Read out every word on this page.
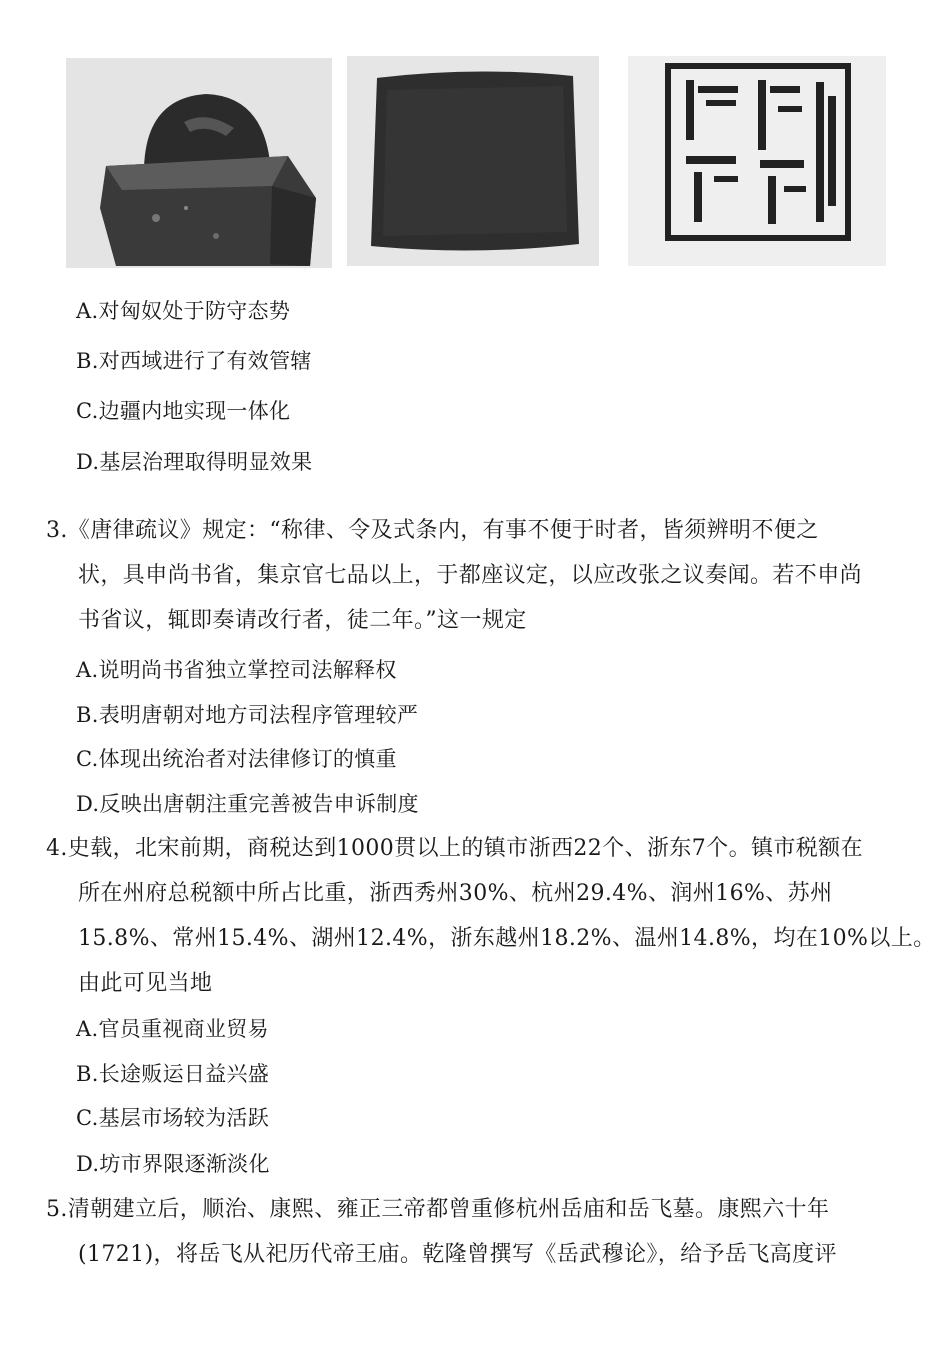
A.对匈奴处于防守态势
B.对西域进行了有效管辖
C.边疆内地实现一体化
D.基层治理取得明显效果
3.《唐律疏议》规定：“称律、令及式条内，有事不便于时者，皆须辨明不便之
状，具申尚书省，集京官七品以上，于都座议定，以应改张之议奏闻。若不申尚
书省议，辄即奏请改行者，徒二年。”这一规定
A.说明尚书省独立掌控司法解释权
B.表明唐朝对地方司法程序管理较严
C.体现出统治者对法律修订的慎重
D.反映出唐朝注重完善被告申诉制度
4.史载，北宋前期，商税达到1000贯以上的镇市浙西22个、浙东7个。镇市税额在
所在州府总税额中所占比重，浙西秀州30%、杭州29.4%、润州16%、苏州
15.8%、常州15.4%、湖州12.4%，浙东越州18.2%、温州14.8%，均在10%以上。
由此可见当地
A.官员重视商业贸易
B.长途贩运日益兴盛
C.基层市场较为活跃
D.坊市界限逐渐淡化
5.清朝建立后，顺治、康熙、雍正三帝都曾重修杭州岳庙和岳飞墓。康熙六十年
(1721)，将岳飞从祀历代帝王庙。乾隆曾撰写《岳武穆论》，给予岳飞高度评
